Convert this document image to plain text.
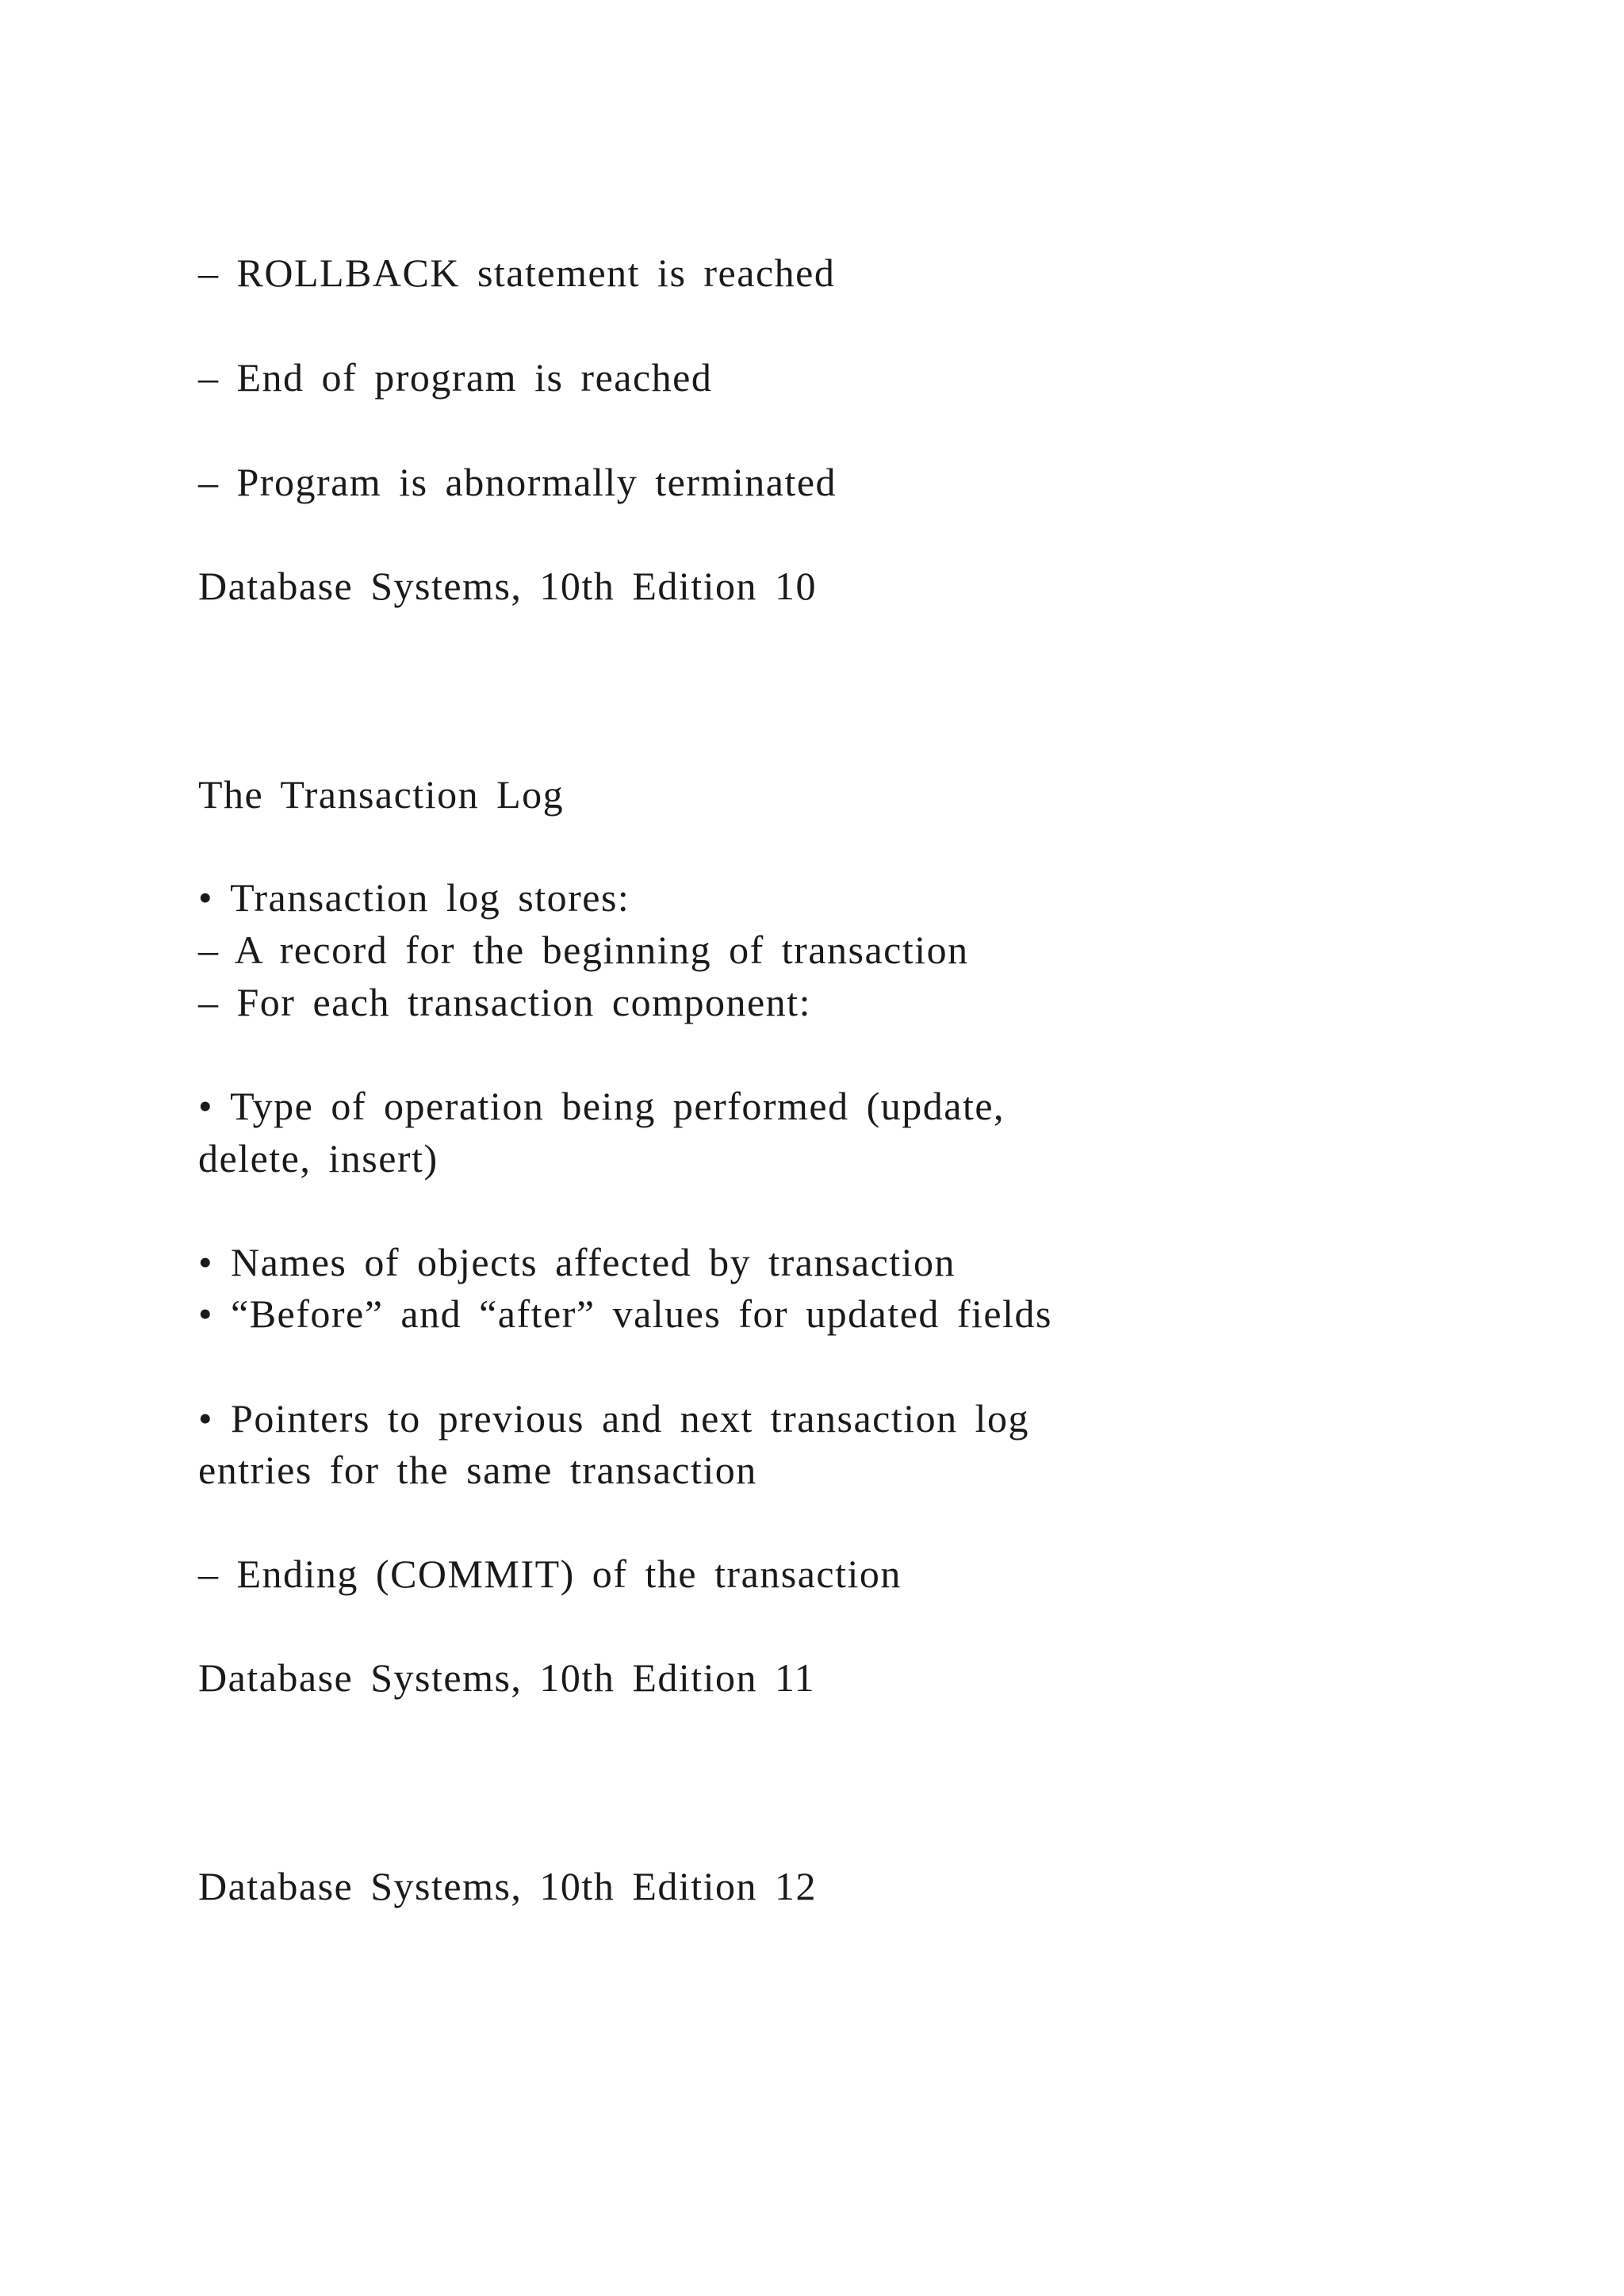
– ROLLBACK statement is reached
– End of program is reached
– Program is abnormally terminated
Database Systems, 10th Edition 10
The Transaction Log
• Transaction log stores:
– A record for the beginning of transaction
– For each transaction component:
• Type of operation being performed (update,
delete, insert)
• Names of objects affected by transaction
• “Before” and “after” values for updated fields
• Pointers to previous and next transaction log
entries for the same transaction
– Ending (COMMIT) of the transaction
Database Systems, 10th Edition 11
Database Systems, 10th Edition 12
